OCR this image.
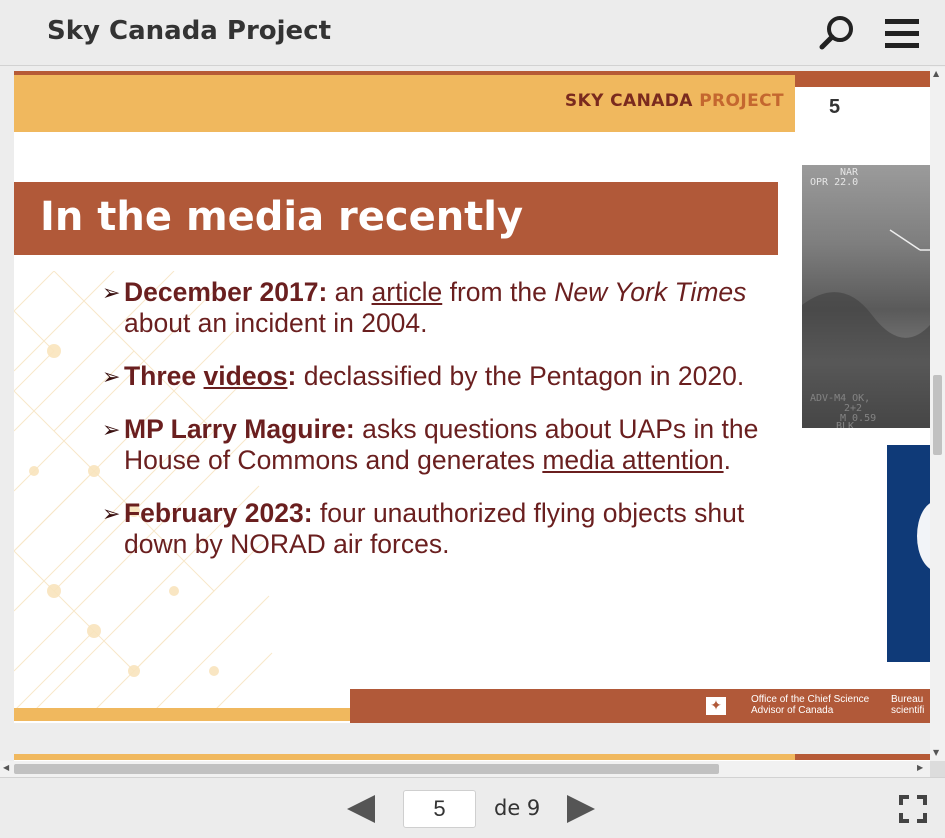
Sky Canada Project
SKY CANADA PROJECT 5
In the media recently
➢ December 2017: an article from the New York Times about an incident in 2004.
➢ Three videos: declassified by the Pentagon in 2020.
➢ MP Larry Maguire: asks questions about UAPs in the House of Commons and generates media attention.
➢ February 2023: four unauthorized flying objects shut down by NORAD air forces.
NAR
OPR 22.0
✦	Office of the Chief Science Advisor of Canada
Bureau
scientifi
▲
▼
◀	▶
5	de 9
